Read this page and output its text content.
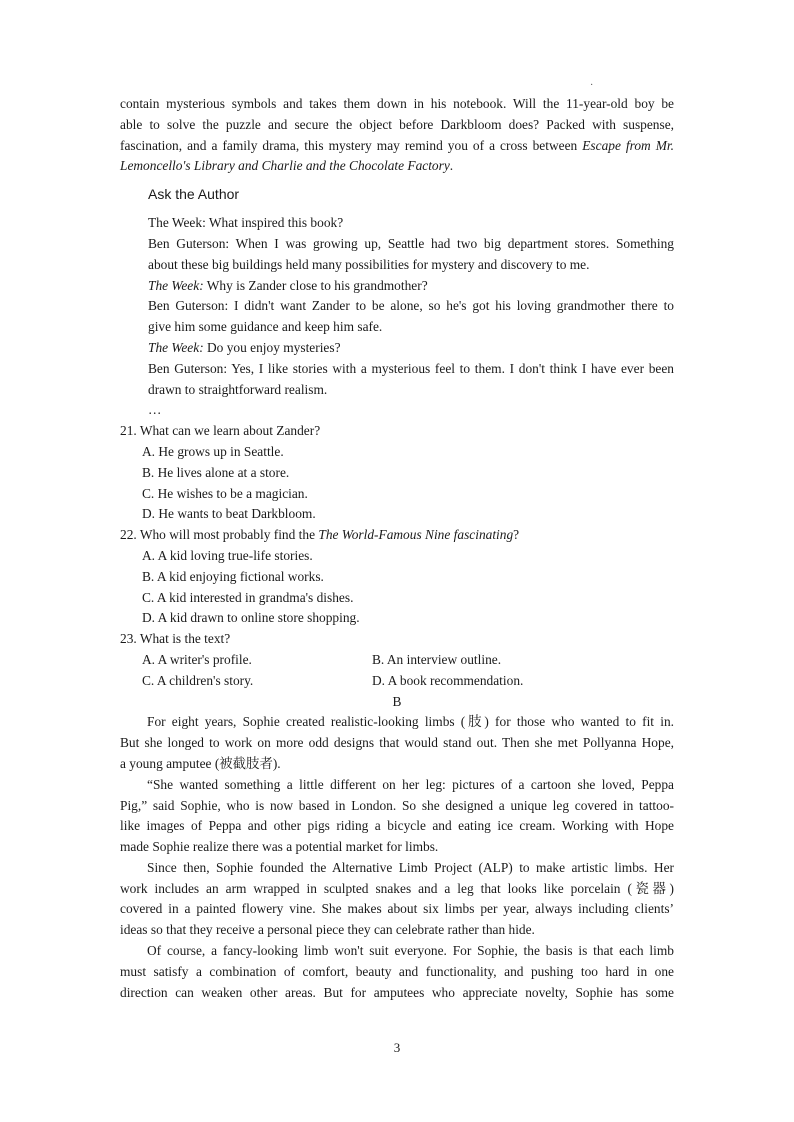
·
contain mysterious symbols and takes them down in his notebook. Will the 11-year-old boy be
able to solve the puzzle and secure the object before Darkbloom does? Packed with suspense,
fascination, and a family drama, this mystery may remind you of a cross between Escape from Mr.
Lemoncello's Library and Charlie and the Chocolate Factory.
Ask the Author
The Week: What inspired this book?
Ben Guterson: When I was growing up, Seattle had two big department stores. Something
about these big buildings held many possibilities for mystery and discovery to me.
The Week: Why is Zander close to his grandmother?
Ben Guterson: I didn't want Zander to be alone, so he's got his loving grandmother there to
give him some guidance and keep him safe.
The Week: Do you enjoy mysteries?
Ben Guterson: Yes, I like stories with a mysterious feel to them. I don't think I have ever been
drawn to straightforward realism.
…
21. What can we learn about Zander?
A. He grows up in Seattle.
B. He lives alone at a store.
C. He wishes to be a magician.
D. He wants to beat Darkbloom.
22. Who will most probably find the The World-Famous Nine fascinating?
A. A kid loving true-life stories.
B. A kid enjoying fictional works.
C. A kid interested in grandma's dishes.
D. A kid drawn to online store shopping.
23. What is the text?
A. A writer's profile.	B. An interview outline.
C. A children's story.	D. A book recommendation.
B
For eight years, Sophie created realistic-looking limbs (肢) for those who wanted to fit in.
But she longed to work on more odd designs that would stand out. Then she met Pollyanna Hope,
a young amputee (被截肢者).
“She wanted something a little different on her leg: pictures of a cartoon she loved, Peppa
Pig,” said Sophie, who is now based in London. So she designed a unique leg covered in tattoo-
like images of Peppa and other pigs riding a bicycle and eating ice cream. Working with Hope
made Sophie realize there was a potential market for limbs.
Since then, Sophie founded the Alternative Limb Project (ALP) to make artistic limbs. Her
work includes an arm wrapped in sculpted snakes and a leg that looks like porcelain (瓷器)
covered in a painted flowery vine. She makes about six limbs per year, always including clients’
ideas so that they receive a personal piece they can celebrate rather than hide.
Of course, a fancy-looking limb won't suit everyone. For Sophie, the basis is that each limb
must satisfy a combination of comfort, beauty and functionality, and pushing too hard in one
direction can weaken other areas. But for amputees who appreciate novelty, Sophie has some
3
